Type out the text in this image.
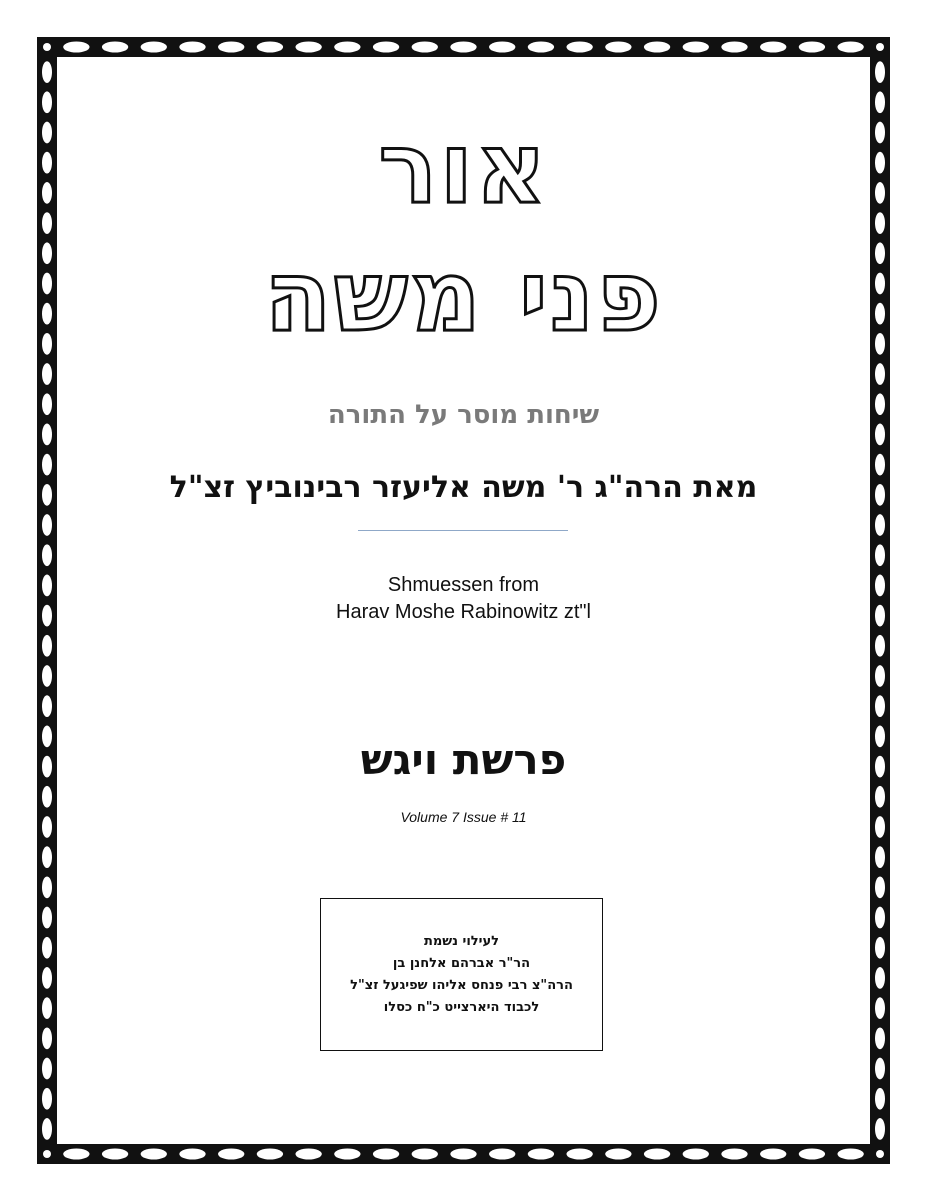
אור
פני משה
שיחות מוסר על התורה
מאת הרה"ג ר' משה אליעזר רבינוביץ זצ"ל
Shmuessen from
Harav Moshe Rabinowitz zt"l
פרשת ויגש
Volume 7 Issue # 11
לעילוי נשמת
הר"ר אברהם אלחנן בן
הרה"צ רבי פנחס אליהו שפיגעל זצ"ל
לכבוד היארצייט כ"ח כסלו
